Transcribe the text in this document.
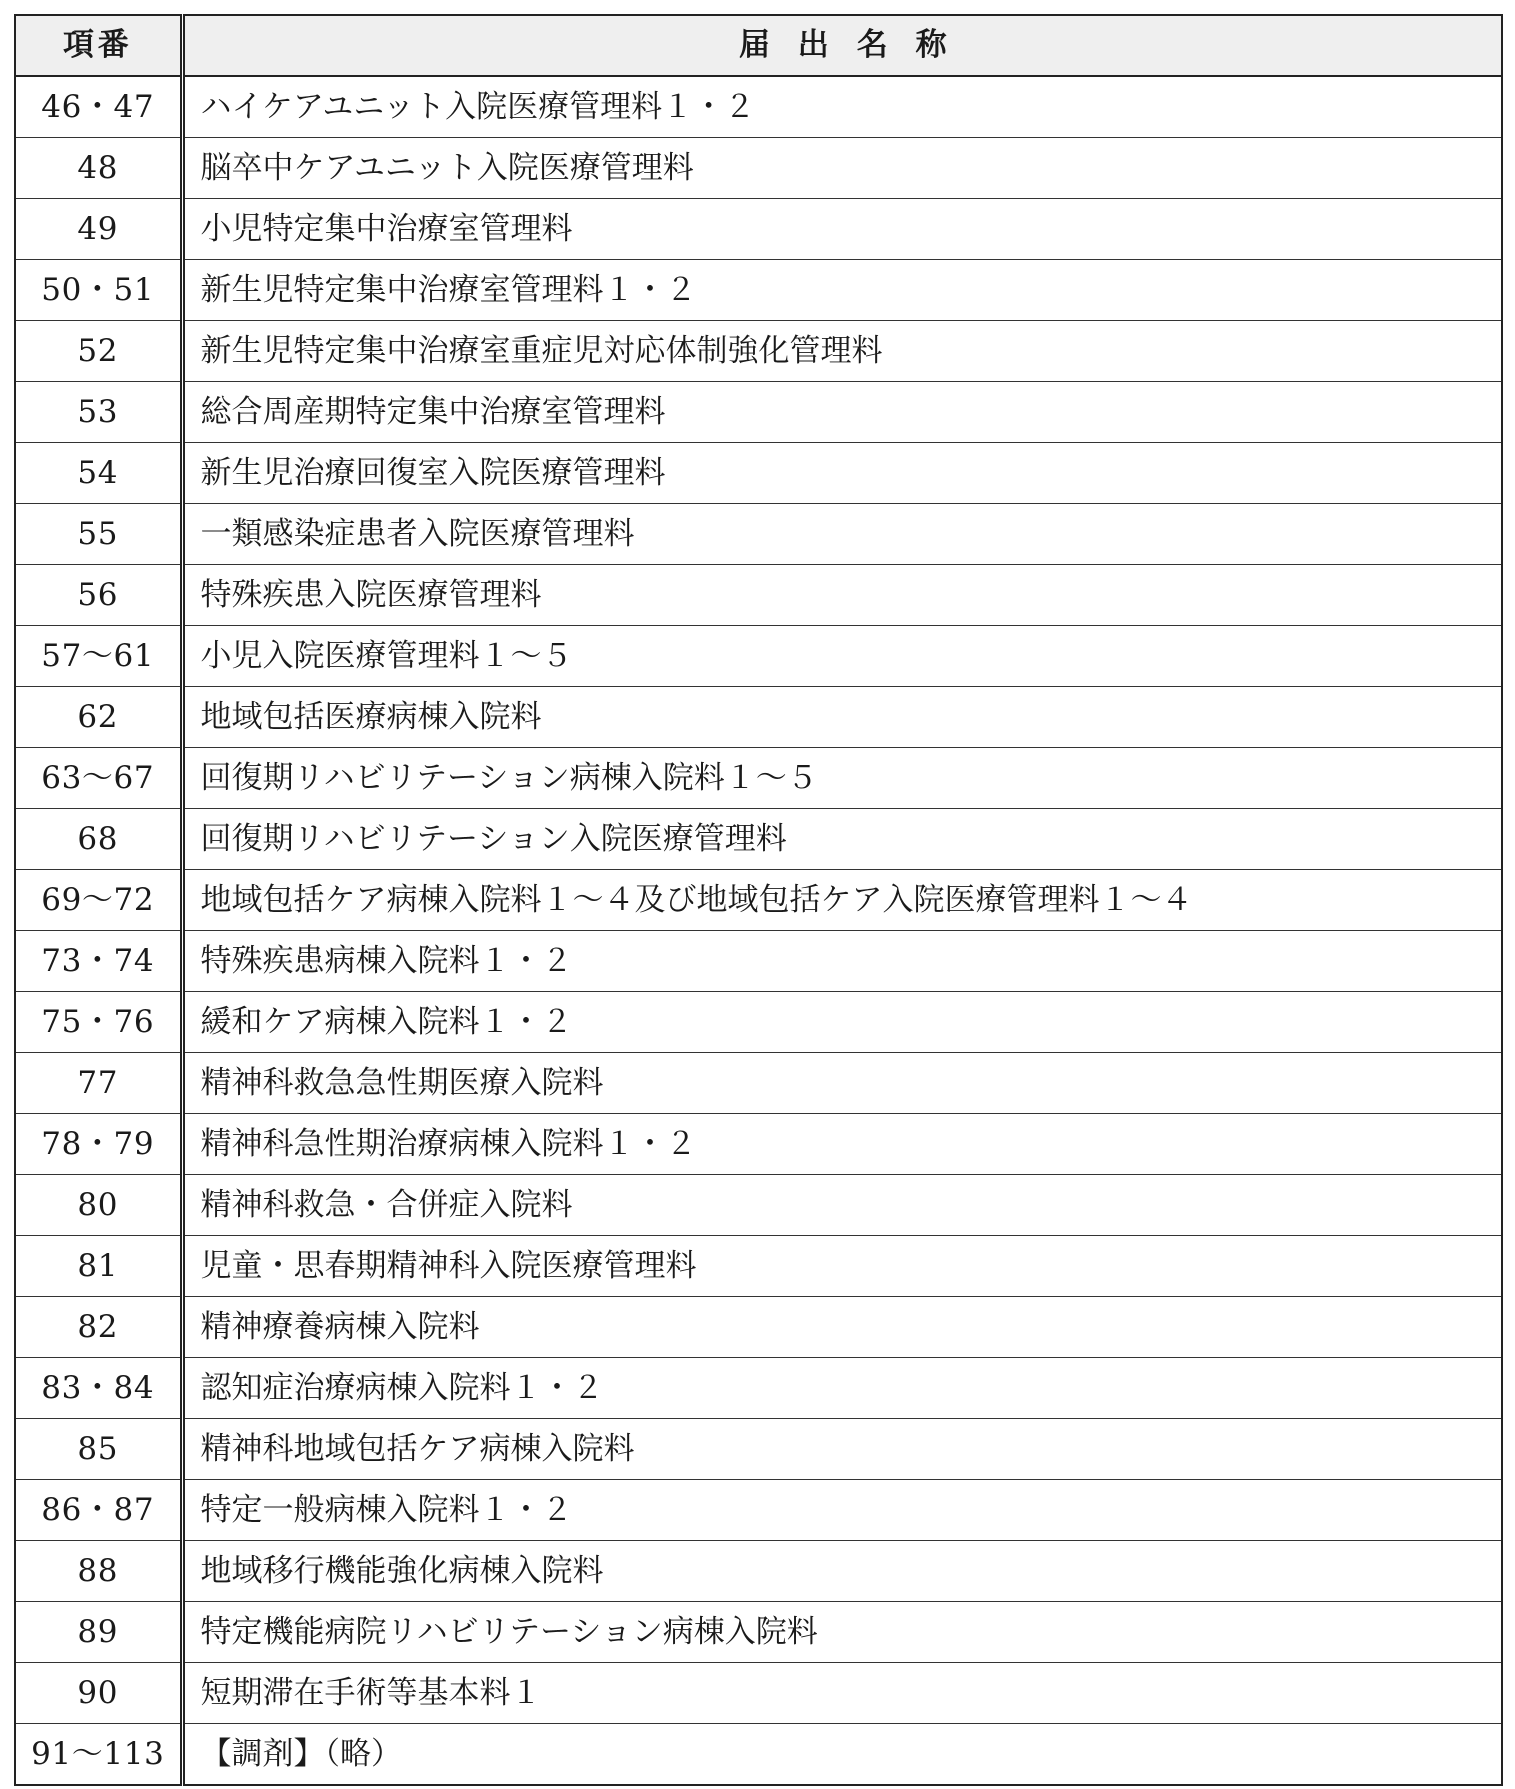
項番	届出名称
46・47	ハイケアユニット入院医療管理料１・２
48	脳卒中ケアユニット入院医療管理料
49	小児特定集中治療室管理料
50・51	新生児特定集中治療室管理料１・２
52	新生児特定集中治療室重症児対応体制強化管理料
53	総合周産期特定集中治療室管理料
54	新生児治療回復室入院医療管理料
55	一類感染症患者入院医療管理料
56	特殊疾患入院医療管理料
57～61	小児入院医療管理料１～５
62	地域包括医療病棟入院料
63～67	回復期リハビリテーション病棟入院料１～５
68	回復期リハビリテーション入院医療管理料
69～72	地域包括ケア病棟入院料１～４及び地域包括ケア入院医療管理料１～４
73・74	特殊疾患病棟入院料１・２
75・76	緩和ケア病棟入院料１・２
77	精神科救急急性期医療入院料
78・79	精神科急性期治療病棟入院料１・２
80	精神科救急・合併症入院料
81	児童・思春期精神科入院医療管理料
82	精神療養病棟入院料
83・84	認知症治療病棟入院料１・２
85	精神科地域包括ケア病棟入院料
86・87	特定一般病棟入院料１・２
88	地域移行機能強化病棟入院料
89	特定機能病院リハビリテーション病棟入院料
90	短期滞在手術等基本料１
91～113	【調剤】（略）
